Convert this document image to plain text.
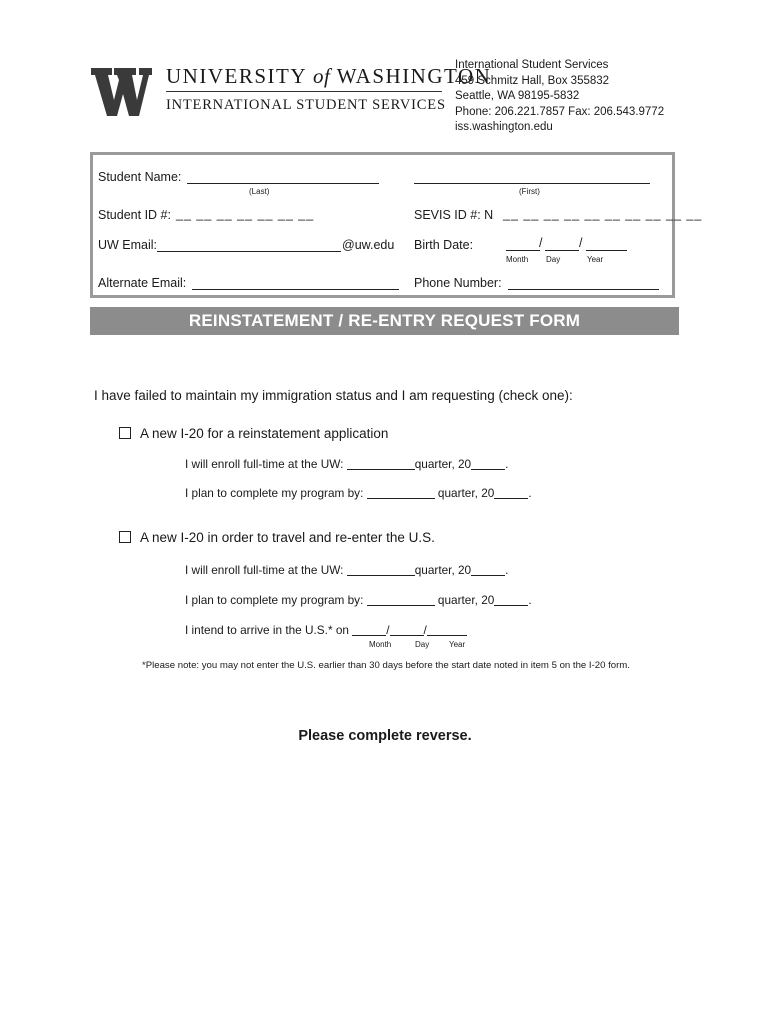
UNIVERSITY of WASHINGTON
INTERNATIONAL STUDENT SERVICES
International Student Services
459 Schmitz Hall, Box 355832
Seattle, WA 98195-5832
Phone: 206.221.7857 Fax: 206.543.9772
iss.washington.edu
Student Name:
(Last)	(First)
Student ID #: __ __ __ __ __ __ __	SEVIS ID #: N __ __ __ __ __ __ __ __ __ __
UW Email:	@uw.edu Birth Date:	/	/
Month Day	Year
Alternate Email:	Phone Number:
REINSTATEMENT / RE-ENTRY REQUEST FORM
I have failed to maintain my immigration status and I am requesting (check one):
A new I-20 for a reinstatement application
I will enroll full-time at the UW:	quarter, 20	.
I plan to complete my program by:	quarter, 20	.
A new I-20 in order to travel and re-enter the U.S.
I will enroll full-time at the UW:	quarter, 20	.
I plan to complete my program by:	quarter, 20	.
I intend to arrive in the U.S.* on	/	/
Month	Day Year
*Please note: you may not enter the U.S. earlier than 30 days before the start date noted in item 5 on the I-20 form.
Please complete reverse.
